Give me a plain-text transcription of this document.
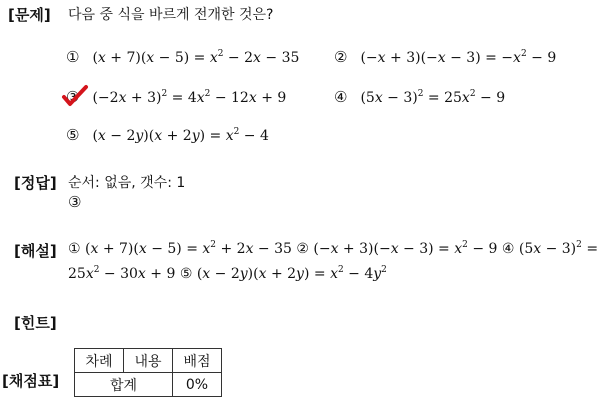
[문제]
[정답]
[해설]
[힌트]
[채점표]
다음 중 식을 바르게 전개한 것은?
① $(x + 7)(x - 5) = x^2 - 2x - 35$ ② $(-x + 3)(-x - 3) = -x^2 - 9$
③ $(-2x + 3)^2 = 4x^2 - 12x + 9$	④ $(5x - 3)^2 = 25x^2 - 9$
⑤ $(x - 2y)(x + 2y) = x^2 - 4$
순서: 없음, 갯수: 1
③
① $(x + 7)(x - 5) = x^2 + 2x - 35$ ② $(-x + 3)(-x - 3) = x^2 - 9$ ④ $(5x - 3)^2$ =
$25x^2 - 30x + 9$ ⑤ $(x - 2y)(x + 2y) = x^2 - 4y^2$
차례	내용	배점
합계		0%
